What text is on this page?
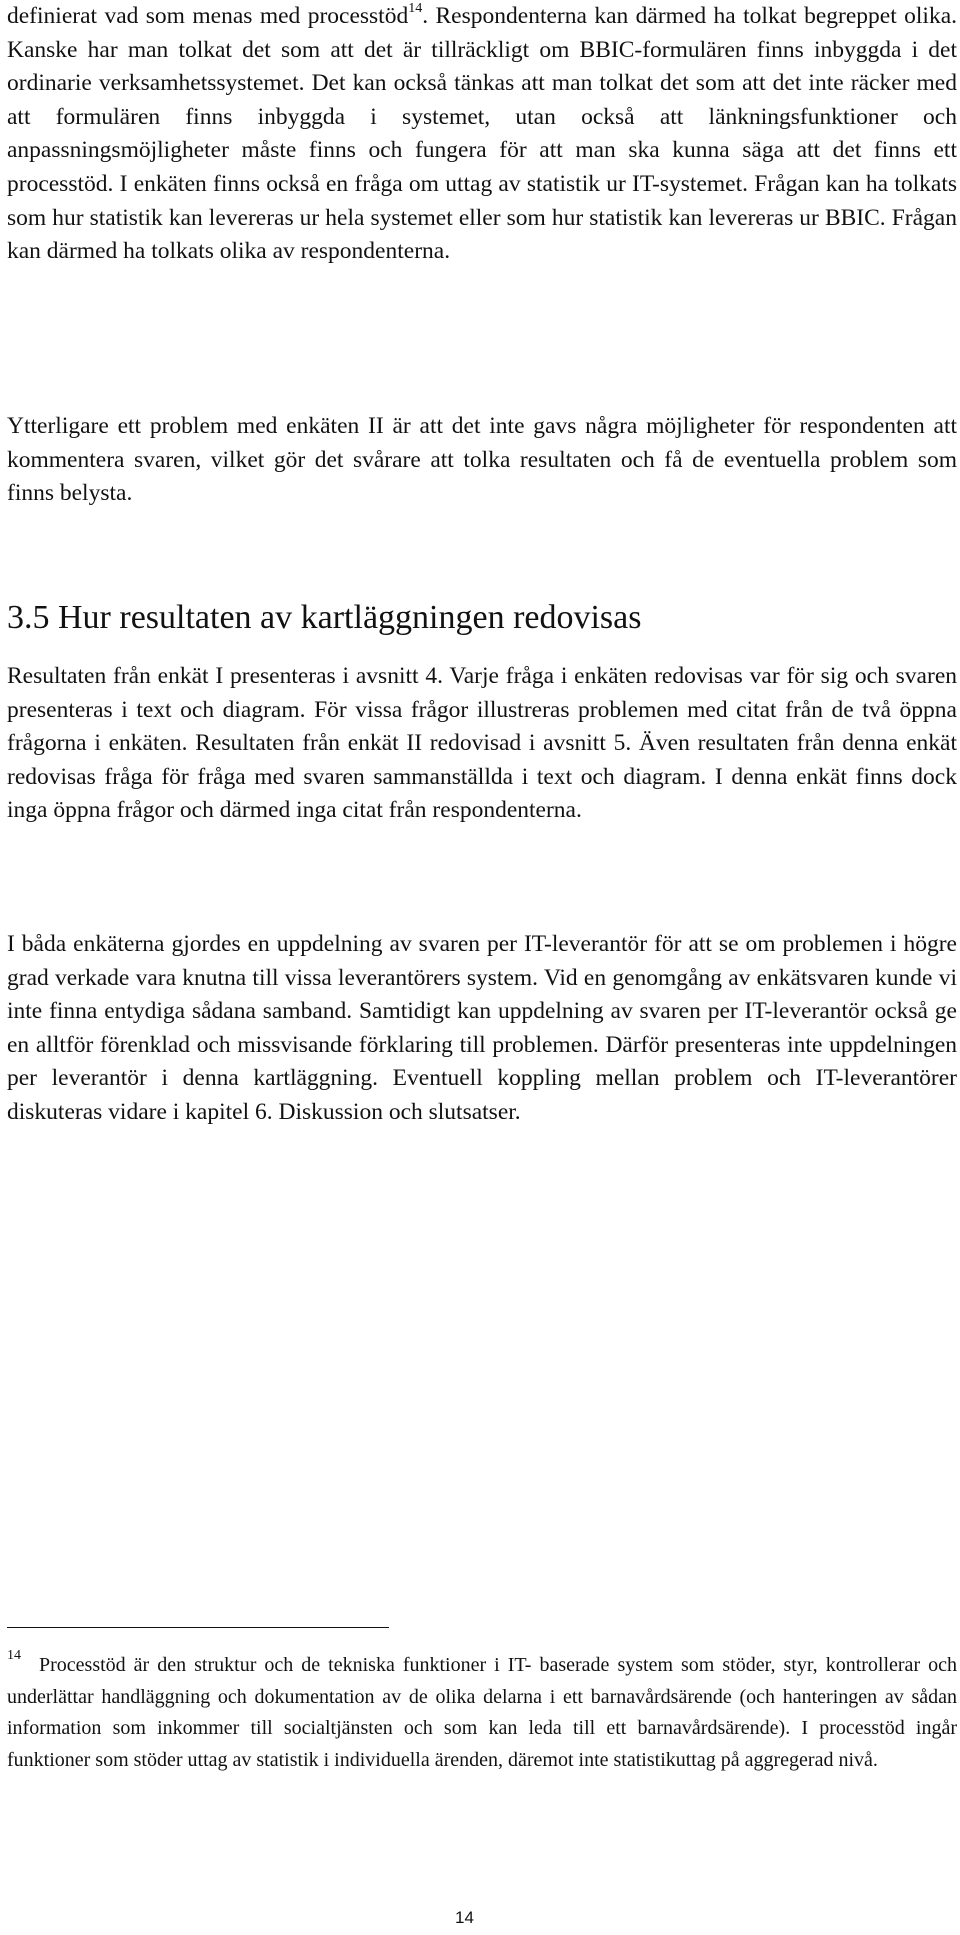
definierat vad som menas med processtöd$^{14}$. Respondenterna kan därmed ha tolkat begreppet olika. Kanske har man tolkat det som att det är tillräckligt om BBIC-formulären finns inbyggda i det ordinarie verksamhetssystemet. Det kan också tänkas att man tolkat det som att det inte räcker med att formulären finns inbyggda i systemet, utan också att länkningsfunktioner och anpassningsmöjligheter måste finns och fungera för att man ska kunna säga att det finns ett processtöd. I enkäten finns också en fråga om uttag av statistik ur IT-systemet. Frågan kan ha tolkats som hur statistik kan levereras ur hela systemet eller som hur statistik kan levereras ur BBIC. Frågan kan därmed ha tolkats olika av respondenterna.

Ytterligare ett problem med enkäten II är att det inte gavs några möjligheter för respondenten att kommentera svaren, vilket gör det svårare att tolka resultaten och få de eventuella problem som finns belysta.

3.5 Hur resultaten av kartläggningen redovisas

Resultaten från enkät I presenteras i avsnitt 4. Varje fråga i enkäten redovisas var för sig och svaren presenteras i text och diagram. För vissa frågor illustreras problemen med citat från de två öppna frågorna i enkäten. Resultaten från enkät II redovisad i avsnitt 5. Även resultaten från denna enkät redovisas fråga för fråga med svaren sammanställda i text och diagram. I denna enkät finns dock inga öppna frågor och därmed inga citat från respondenterna.

I båda enkäterna gjordes en uppdelning av svaren per IT-leverantör för att se om problemen i högre grad verkade vara knutna till vissa leverantörers system. Vid en genomgång av enkätsvaren kunde vi inte finna entydiga sådana samband. Samtidigt kan uppdelning av svaren per IT-leverantör också ge en alltför förenklad och missvisande förklaring till problemen. Därför presenteras inte uppdelningen per leverantör i denna kartläggning. Eventuell koppling mellan problem och IT-leverantörer diskuteras vidare i kapitel 6. Diskussion och slutsatser.

$^{14}$ Processtöd är den struktur och de tekniska funktioner i IT- baserade system som stöder, styr, kontrollerar och underlättar handläggning och dokumentation av de olika delarna i ett barnavårdsärende (och hanteringen av sådan information som inkommer till socialtjänsten och som kan leda till ett barnavårdsärende). I processtöd ingår funktioner som stöder uttag av statistik i individuella ärenden, däremot inte statistikuttag på aggregerad nivå.

14
